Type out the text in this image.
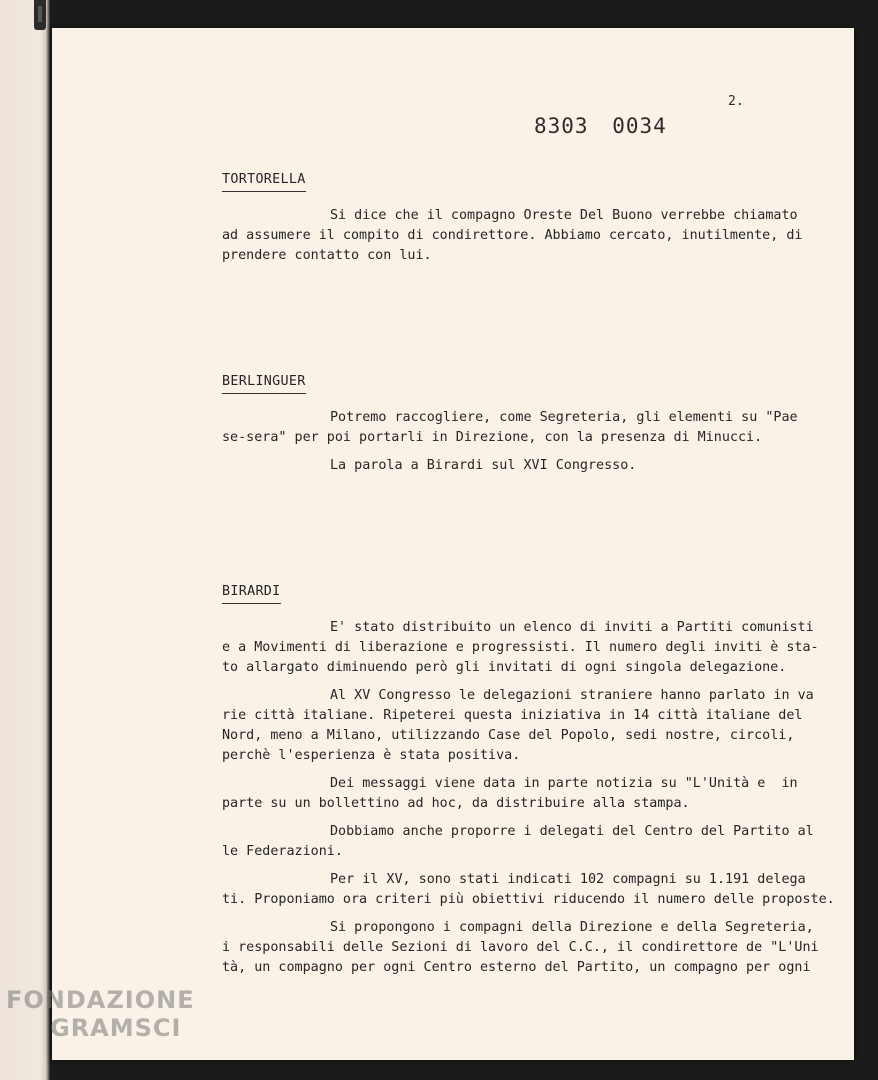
2.
8303 0034
TORTORELLA
Si dice che il compagno Oreste Del Buono verrebbe chiamato
ad assumere il compito di condirettore. Abbiamo cercato, inutilmente, di
prendere contatto con lui.
BERLINGUER
Potremo raccogliere, come Segreteria, gli elementi su "Pae
se-sera" per poi portarli in Direzione, con la presenza di Minucci.
La parola a Birardi sul XVI Congresso.
BIRARDI
E' stato distribuito un elenco di inviti a Partiti comunisti
e a Movimenti di liberazione e progressisti. Il numero degli inviti è sta-
to allargato diminuendo però gli invitati di ogni singola delegazione.
Al XV Congresso le delegazioni straniere hanno parlato in va
rie città italiane. Ripeterei questa iniziativa in 14 città italiane del
Nord, meno a Milano, utilizzando Case del Popolo, sedi nostre, circoli,
perchè l'esperienza è stata positiva.
Dei messaggi viene data in parte notizia su "L'Unità e  in
parte su un bollettino ad hoc, da distribuire alla stampa.
Dobbiamo anche proporre i delegati del Centro del Partito al
le Federazioni.
Per il XV, sono stati indicati 102 compagni su 1.191 delega
ti. Proponiamo ora criteri più obiettivi riducendo il numero delle proposte.
Si propongono i compagni della Direzione e della Segreteria,
i responsabili delle Sezioni di lavoro del C.C., il condirettore de "L'Uni
tà, un compagno per ogni Centro esterno del Partito, un compagno per ogni
FONDAZIONE
GRAMSCI
